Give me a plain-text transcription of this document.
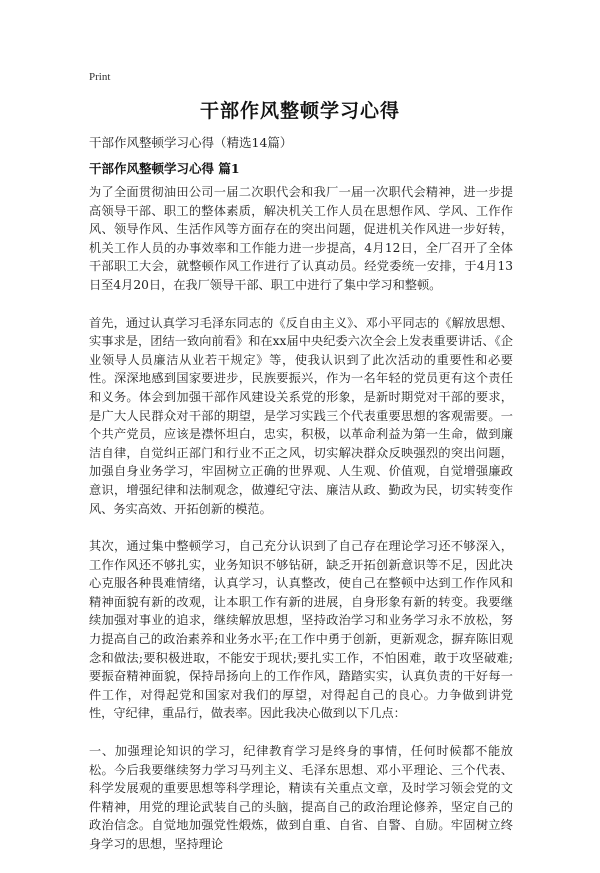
Print
干部作风整顿学习心得
干部作风整顿学习心得（精选14篇）
干部作风整顿学习心得 篇1

为了全面贯彻油田公司一届二次职代会和我厂一届一次职代会精神，进一步提高领导干部、职工的整体素质，解决机关工作人员在思想作风、学风、工作作风、领导作风、生活作风等方面存在的突出问题，促进机关作风进一步好转，机关工作人员的办事效率和工作能力进一步提高，4月12日，全厂召开了全体干部职工大会，就整顿作风工作进行了认真动员。经党委统一安排，于4月13日至4月20日，在我厂领导干部、职工中进行了集中学习和整顿。

首先，通过认真学习毛泽东同志的《反自由主义》、邓小平同志的《解放思想、实事求是，团结一致向前看》和在xx届中央纪委六次全会上发表重要讲话、《企业领导人员廉洁从业若干规定》等，使我认识到了此次活动的重要性和必要性。深深地感到国家要进步，民族要振兴，作为一名年轻的党员更有这个责任和义务。体会到加强干部作风建设关系党的形象，是新时期党对干部的要求，是广大人民群众对干部的期望，是学习实践三个代表重要思想的客观需要。一个共产党员，应该是襟怀坦白，忠实，积极，以革命利益为第一生命，做到廉洁自律，自觉纠正部门和行业不正之风，切实解决群众反映强烈的突出问题，加强自身业务学习，牢固树立正确的世界观、人生观、价值观，自觉增强廉政意识，增强纪律和法制观念，做遵纪守法、廉洁从政、勤政为民，切实转变作风、务实高效、开拓创新的模范。

其次，通过集中整顿学习，自己充分认识到了自己存在理论学习还不够深入，工作作风还不够扎实，业务知识不够钻研，缺乏开拓创新意识等不足，因此决心克服各种畏难情绪，认真学习，认真整改，使自己在整顿中达到工作作风和精神面貌有新的改观，让本职工作有新的进展，自身形象有新的转变。我要继续加强对事业的追求，继续解放思想，坚持政治学习和业务学习永不放松，努力提高自己的政治素养和业务水平;在工作中勇于创新，更新观念，摒弃陈旧观念和做法;要积极进取，不能安于现状;要扎实工作，不怕困难，敢于攻坚破难;要振奋精神面貌，保持昂扬向上的工作作风，踏踏实实，认真负责的干好每一件工作，对得起党和国家对我们的厚望，对得起自己的良心。力争做到讲党性，守纪律，重品行，做表率。因此我决心做到以下几点：

一、加强理论知识的学习，纪律教育学习是终身的事情，任何时候都不能放松。今后我要继续努力学习马列主义、毛泽东思想、邓小平理论、三个代表、科学发展观的重要思想等科学理论，精读有关重点文章，及时学习领会党的文件精神，用党的理论武装自己的头脑，提高自己的政治理论修养，坚定自己的政治信念。自觉地加强党性煅炼，做到自重、自省、自警、自励。牢固树立终身学习的思想，坚持理论
